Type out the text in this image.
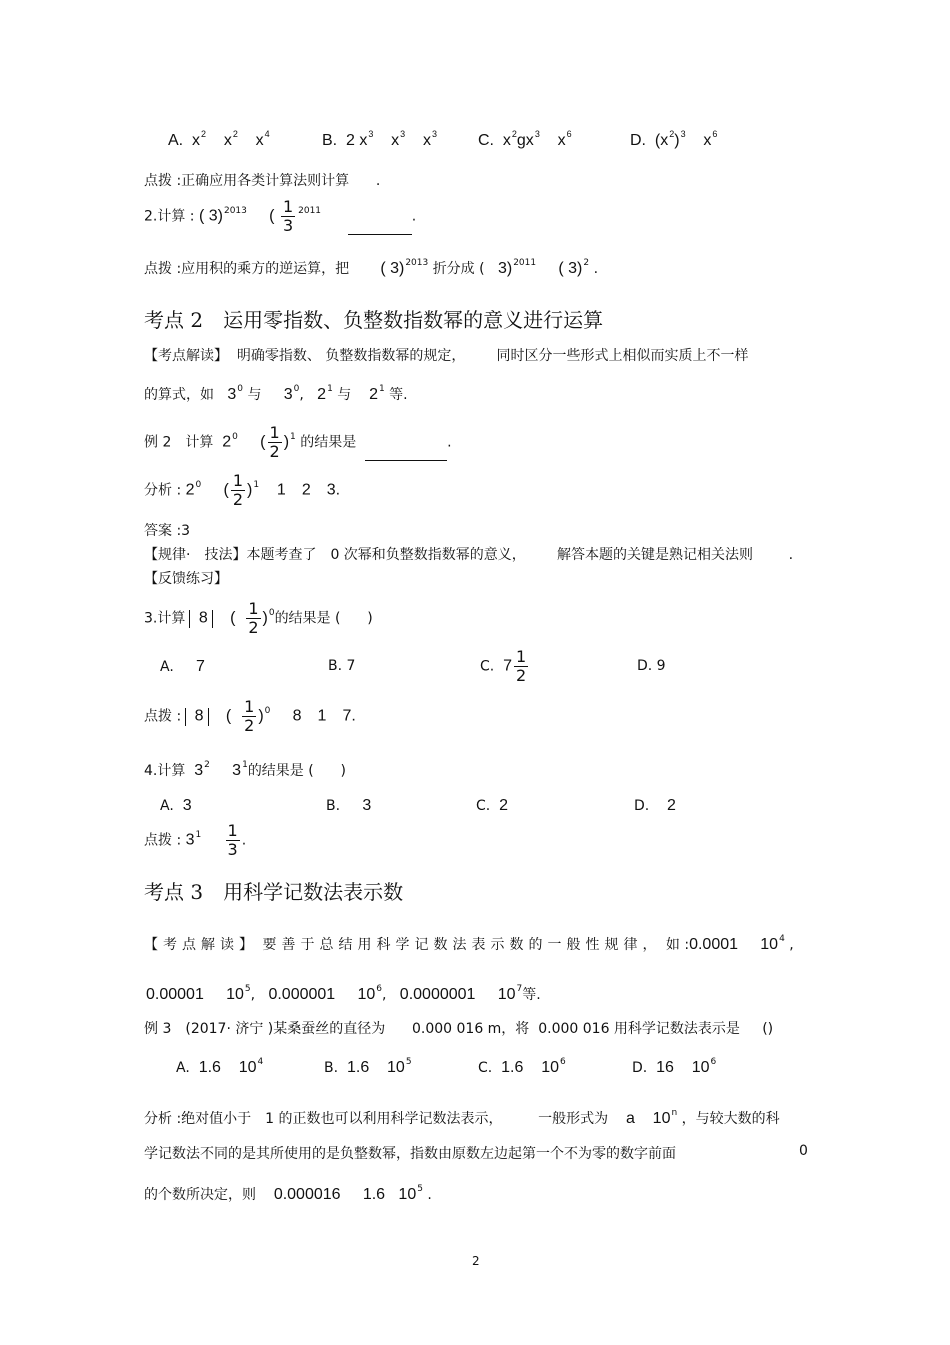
A. $x^2$ $x^2$ $x^4$	B. 2 $x^3$ $x^3$ $x^3$	C. $x^2gx^3$ $x^6$	D. $(x^2)^3$ $x^6$
点拨 :正确应用各类计算法则计算 .
2.计算 : ( 3)$^{2013}$ ( $\frac{1}{3} ^{2011}$	.
点拨 :应用积的乘方的逆运算，把 ( 3)$^{2013}$ 折分成 ( 3)$^{2011}$ ( 3)$^2$ .
考点 2　运用零指数、负整数指数幂的意义进行运算
【考点解读】 明确零指数、 负整数指数幂的规定， 同时区分一些形式上相似而实质上不一样
的算式，如 $3^0$ 与 $3^0$, $2^1$ 与 $2^1$ 等.
例 2　计算 $2^0$ ( $\frac{1}{2} )^1$ 的结果是	.
分析 : $2^0$ ( $\frac{1}{2} )^1$ 1　2　3.
答案 :3
【规律·　技法】本题考查了　0 次幂和负整数指数幂的意义， 解答本题的关键是熟记相关法则	.
【反馈练习】
3.计算 8 ( $\frac{1}{2} )^0$的结果是 ( )
A. 7	B. 7	C. $7 \frac{1}{2}$	D. 9
点拨 : 8 ( $\frac{1}{2} )^0$ 8　1　7.
4.计算 $3^2$ $3^1$的结果是 ( )
A. 3	B. 3	C. 2	D. 2
点拨 : $3^1 \frac{1}{3}$ .
考点 3　用科学记数法表示数
【考点解读】 要善于总结用科学记数法表示数的一般性规律， 如 :0.0001 $10^4$ ,
0.00001 $10^5$,   0.000001 $10^6$,   0.0000001 $10^7$等.
例 3　(2017· 济宁 )某桑蚕丝的直径为 0.000 016 m，将 0.000 016 用科学记数法表示是 ()
A. 1.6 $10^4$	B. 1.6 $10^5$	C. 1.6 $10^6$	D. 16 $10^6$
分析 :绝对值小于　1 的正数也可以利用科学记数法表示，	一般形式为 a 10$^n$ ，与较大数的科
学记数法不同的是其所使用的是负整数幂，指数由原数左边起第一个不为零的数字前面	0
的个数所决定，则 0.000016 1.6 $10^5$ .
2
